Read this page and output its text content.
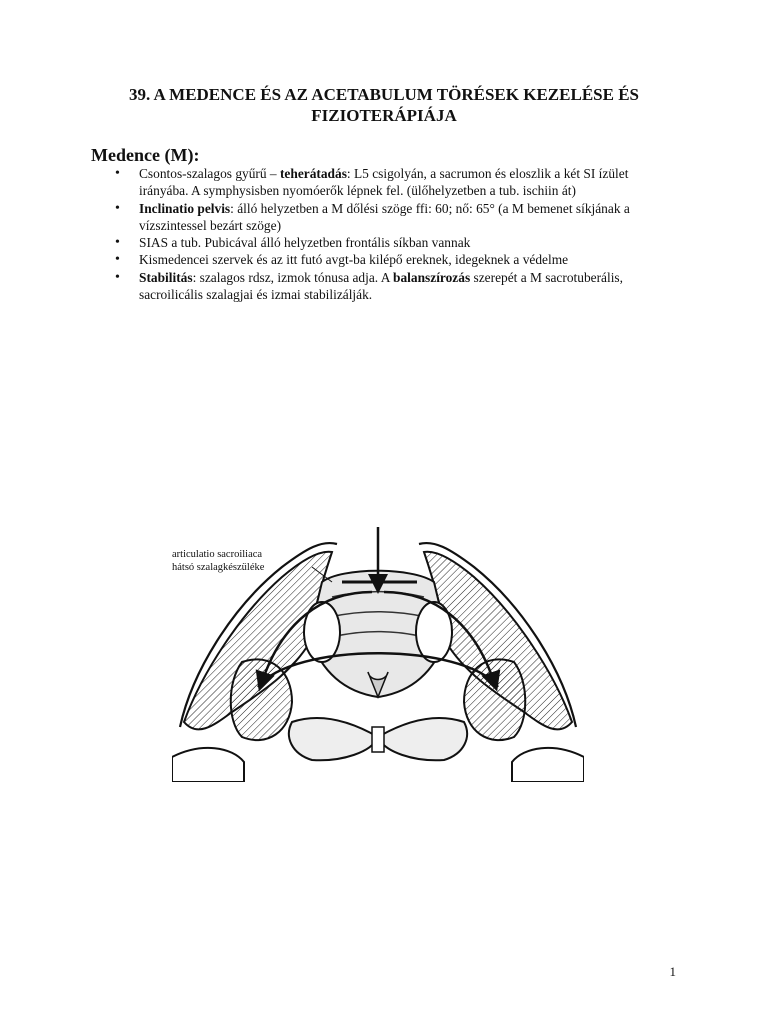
39. A MEDENCE ÉS AZ ACETABULUM TÖRÉSEK KEZELÉSE ÉS FIZIOTERÁPIÁJA
Medence (M):
• Csontos-szalagos gyűrű – teherátadás: L5 csigolyán, a sacrumon és eloszlik a két SI ízület irányába. A symphysisben nyomóerők lépnek fel. (ülőhelyzetben a tub. ischiin át)
• Inclinatio pelvis: álló helyzetben a M dőlési szöge ffi: 60; nő: 65° (a M bemenet síkjának a vízszintessel bezárt szöge)
• SIAS a tub. Pubicával álló helyzetben frontális síkban vannak
• Kismedencei szervek és az itt futó avgt-ba kilépő ereknek, idegeknek a védelme
• Stabilitás: szalagos rdsz, izmok tónusa adja. A balanszírozás szerepét a M sacrotuberális, sacroilicális szalagjai és izmai stabilizálják.
articulatio sacroiliaca
hátsó szalagkészüléke
1
